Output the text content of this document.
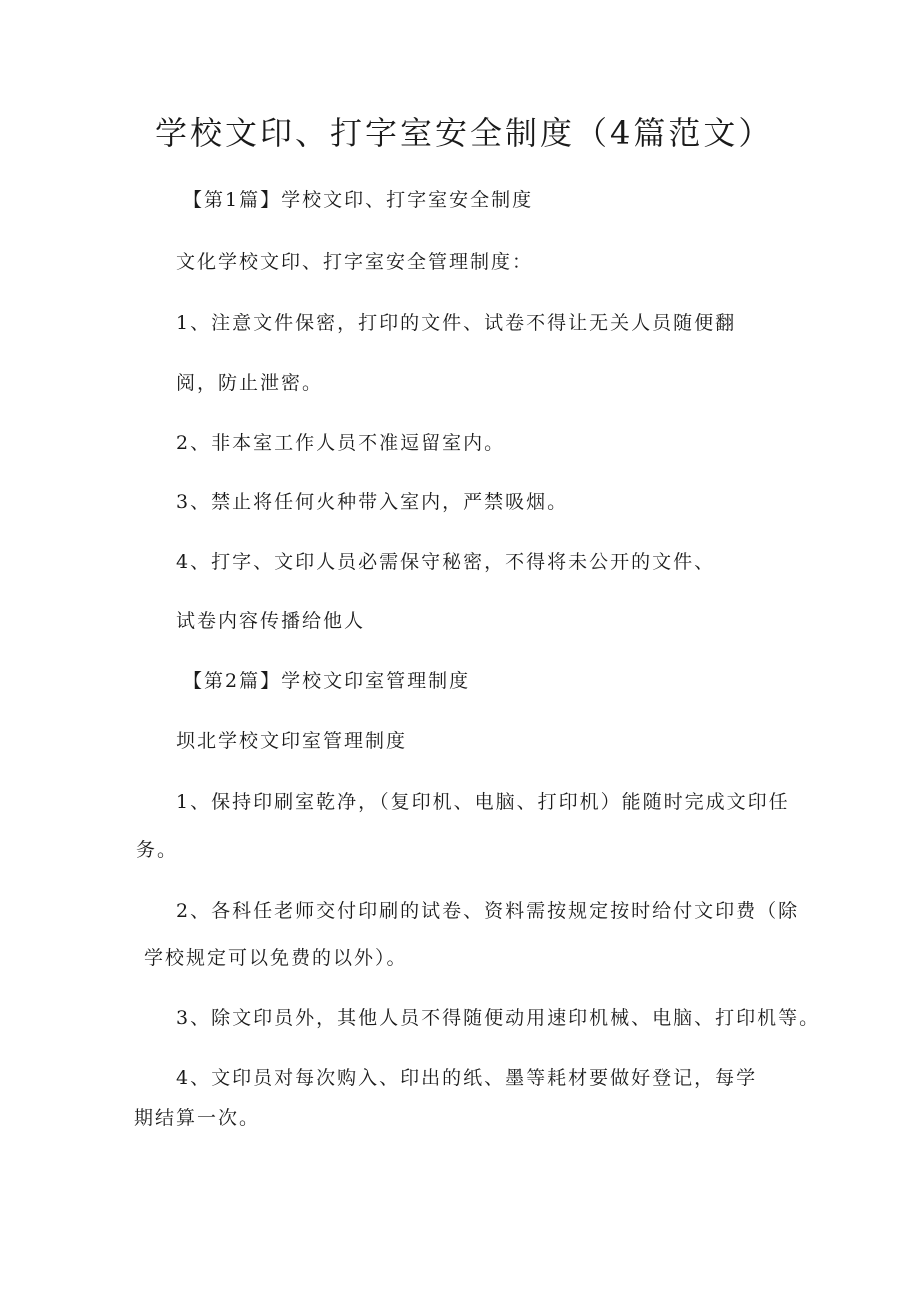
学校文印、打字室安全制度（4篇范文）
【第1篇】学校文印、打字室安全制度
文化学校文印、打字室安全管理制度：
1、注意文件保密，打印的文件、试卷不得让无关人员随便翻
阅，防止泄密。
2、非本室工作人员不准逗留室内。
3、禁止将任何火种带入室内，严禁吸烟。
4、打字、文印人员必需保守秘密，不得将未公开的文件、
试卷内容传播给他人
【第2篇】学校文印室管理制度
坝北学校文印室管理制度
1、保持印刷室乾净，（复印机、电脑、打印机）能随时完成文印任
务。
2、各科任老师交付印刷的试卷、资料需按规定按时给付文印费（除
学校规定可以免费的以外）。
3、除文印员外，其他人员不得随便动用速印机械、电脑、打印机等。
4、文印员对每次购入、印出的纸、墨等耗材要做好登记，每学
期结算一次。
